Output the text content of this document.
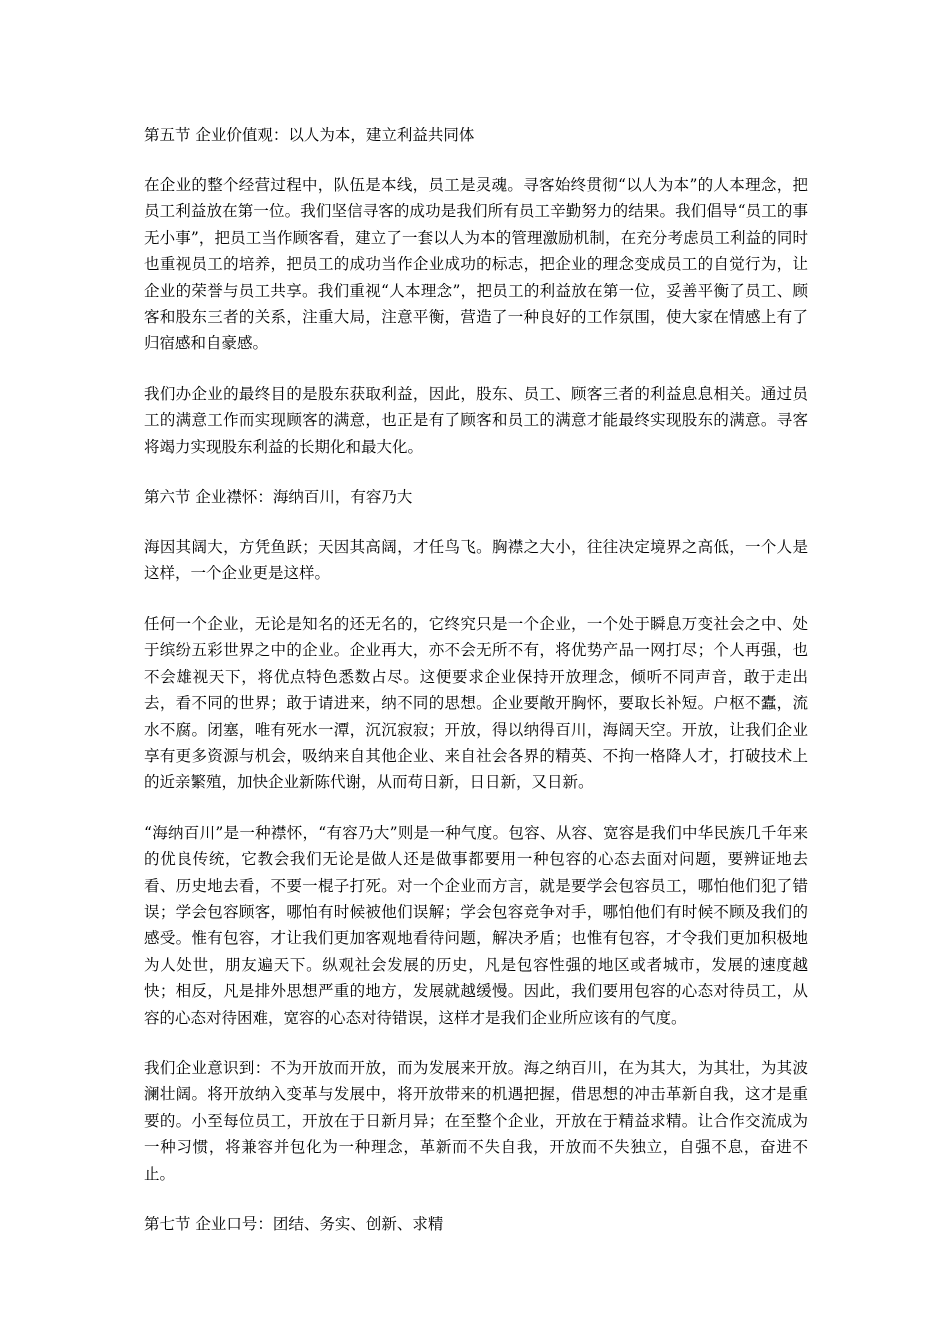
第五节 企业价值观：以人为本，建立利益共同体

在企业的整个经营过程中，队伍是本线，员工是灵魂。寻客始终贯彻“以人为本”的人本理念，把员工利益放在第一位。我们坚信寻客的成功是我们所有员工辛勤努力的结果。我们倡导“员工的事无小事”，把员工当作顾客看，建立了一套以人为本的管理激励机制，在充分考虑员工利益的同时也重视员工的培养，把员工的成功当作企业成功的标志，把企业的理念变成员工的自觉行为，让企业的荣誉与员工共享。我们重视“人本理念”，把员工的利益放在第一位，妥善平衡了员工、顾客和股东三者的关系，注重大局，注意平衡，营造了一种良好的工作氛围，使大家在情感上有了归宿感和自豪感。

我们办企业的最终目的是股东获取利益，因此，股东、员工、顾客三者的利益息息相关。通过员工的满意工作而实现顾客的满意，也正是有了顾客和员工的满意才能最终实现股东的满意。寻客将竭力实现股东利益的长期化和最大化。

第六节 企业襟怀：海纳百川，有容乃大

海因其阔大，方凭鱼跃；天因其高阔，才任鸟飞。胸襟之大小，往往决定境界之高低，一个人是这样，一个企业更是这样。

任何一个企业，无论是知名的还无名的，它终究只是一个企业，一个处于瞬息万变社会之中、处于缤纷五彩世界之中的企业。企业再大，亦不会无所不有，将优势产品一网打尽；个人再强，也不会雄视天下，将优点特色悉数占尽。这便要求企业保持开放理念，倾听不同声音，敢于走出去，看不同的世界；敢于请进来，纳不同的思想。企业要敞开胸怀，要取长补短。户枢不蠹，流水不腐。闭塞，唯有死水一潭，沉沉寂寂；开放，得以纳得百川，海阔天空。开放，让我们企业享有更多资源与机会，吸纳来自其他企业、来自社会各界的精英、不拘一格降人才，打破技术上的近亲繁殖，加快企业新陈代谢，从而苟日新，日日新，又日新。

“海纳百川”是一种襟怀，“有容乃大”则是一种气度。包容、从容、宽容是我们中华民族几千年来的优良传统，它教会我们无论是做人还是做事都要用一种包容的心态去面对问题，要辨证地去看、历史地去看，不要一棍子打死。对一个企业而方言，就是要学会包容员工，哪怕他们犯了错误；学会包容顾客，哪怕有时候被他们误解；学会包容竞争对手，哪怕他们有时候不顾及我们的感受。惟有包容，才让我们更加客观地看待问题，解决矛盾；也惟有包容，才令我们更加积极地为人处世，朋友遍天下。纵观社会发展的历史，凡是包容性强的地区或者城市，发展的速度越快；相反，凡是排外思想严重的地方，发展就越缓慢。因此，我们要用包容的心态对待员工，从容的心态对待困难，宽容的心态对待错误，这样才是我们企业所应该有的气度。

我们企业意识到：不为开放而开放，而为发展来开放。海之纳百川，在为其大，为其壮，为其波澜壮阔。将开放纳入变革与发展中，将开放带来的机遇把握，借思想的冲击革新自我，这才是重要的。小至每位员工，开放在于日新月异；在至整个企业，开放在于精益求精。让合作交流成为一种习惯，将兼容并包化为一种理念，革新而不失自我，开放而不失独立，自强不息，奋进不止。

第七节 企业口号：团结、务实、创新、求精
